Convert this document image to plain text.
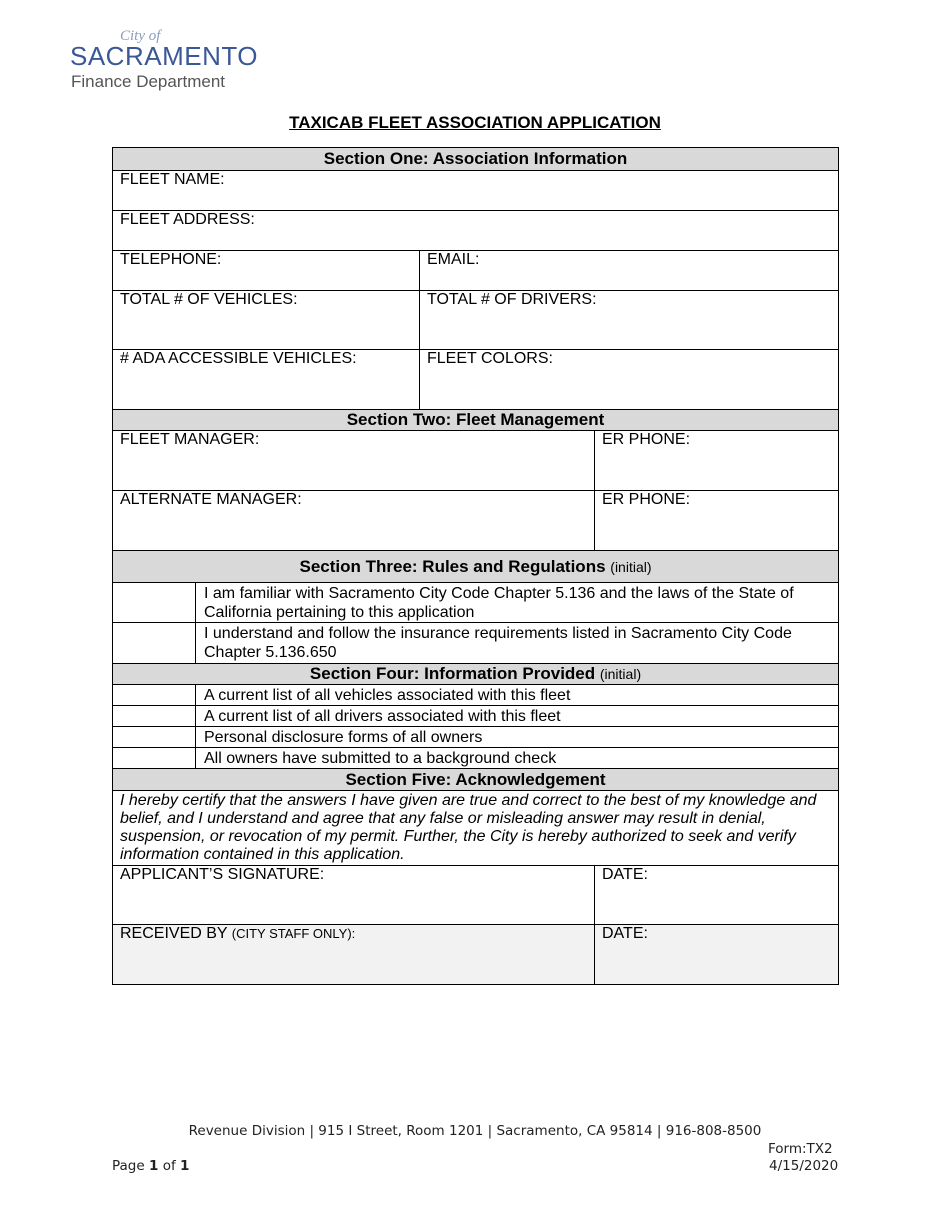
City of
SACRAMENTO
Finance Department
TAXICAB FLEET ASSOCIATION APPLICATION
Section One: Association Information			
FLEET NAME:			
FLEET ADDRESS:			
TELEPHONE:		EMAIL:	
TOTAL # OF VEHICLES:		TOTAL # OF DRIVERS:	
# ADA ACCESSIBLE VEHICLES:		FLEET COLORS:	
Section Two: Fleet Management			
FLEET MANAGER:			ER PHONE:
ALTERNATE MANAGER:			ER PHONE:
Section Three: Rules and Regulations (initial)			
	I am familiar with Sacramento City Code Chapter 5.136 and the laws of the State of California pertaining to this application		
	I understand and follow the insurance requirements listed in Sacramento City Code Chapter 5.136.650		
Section Four: Information Provided (initial)			
	A current list of all vehicles associated with this fleet		
	A current list of all drivers associated with this fleet		
	Personal disclosure forms of all owners		
	All owners have submitted to a background check		
Section Five: Acknowledgement			
I hereby certify that the answers I have given are true and correct to the best of my knowledge and belief, and I understand and agree that any false or misleading answer may result in denial, suspension, or revocation of my permit. Further, the City is hereby authorized to seek and verify information contained in this application.			
APPLICANT’S SIGNATURE:			DATE:
RECEIVED BY (CITY STAFF ONLY):			DATE:
Revenue Division | 915 I Street, Room 1201 | Sacramento, CA 95814 | 916-808-8500
Form:TX2
4/15/2020
Page 1 of 1
